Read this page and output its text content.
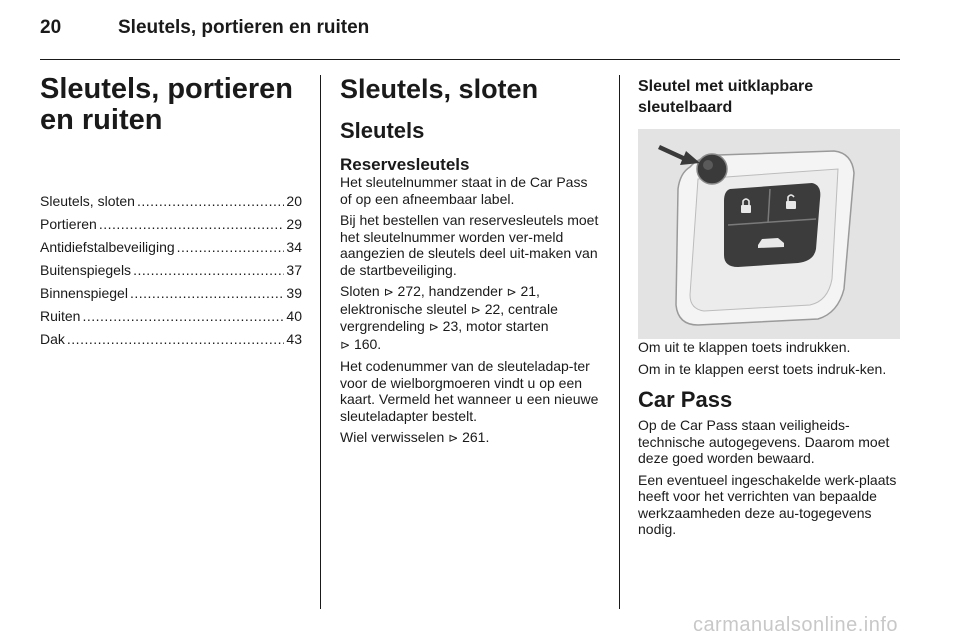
20	Sleutels, portieren en ruiten
Sleutels, portieren en ruiten
Sleutels, sloten .....	20
Portieren .....	29
Antidiefstalbeveiliging .....	34
Buitenspiegels .....	37
Binnenspiegel .....	39
Ruiten .....	40
Dak .....	43
Sleutels, sloten
Sleutels
Reservesleutels

Het sleutelnummer staat in de Car Pass of op een afneembaar label.

Bij het bestellen van reservesleutels moet het sleutelnummer worden ver-meld aangezien de sleutels deel uit-maken van de startbeveiliging.

Sloten ⊳ 272, handzender ⊳ 21,
elektronische sleutel ⊳ 22, centrale
vergrendeling ⊳ 23, motor starten
⊳ 160.

Het codenummer van de sleuteladap-ter voor de wielborgmoeren vindt u op een kaart. Vermeld het wanneer u een nieuwe sleuteladapter bestelt.

Wiel verwisselen ⊳ 261.

Sleutel met uitklapbare sleutelbaard

Om uit te klappen toets indrukken.

Om in te klappen eerst toets indruk-ken.

Car Pass

Op de Car Pass staan veiligheids-technische autogegevens. Daarom moet deze goed worden bewaard.

Een eventueel ingeschakelde werk-plaats heeft voor het verrichten van bepaalde werkzaamheden deze au-togegevens nodig.

carmanualsonline.info
